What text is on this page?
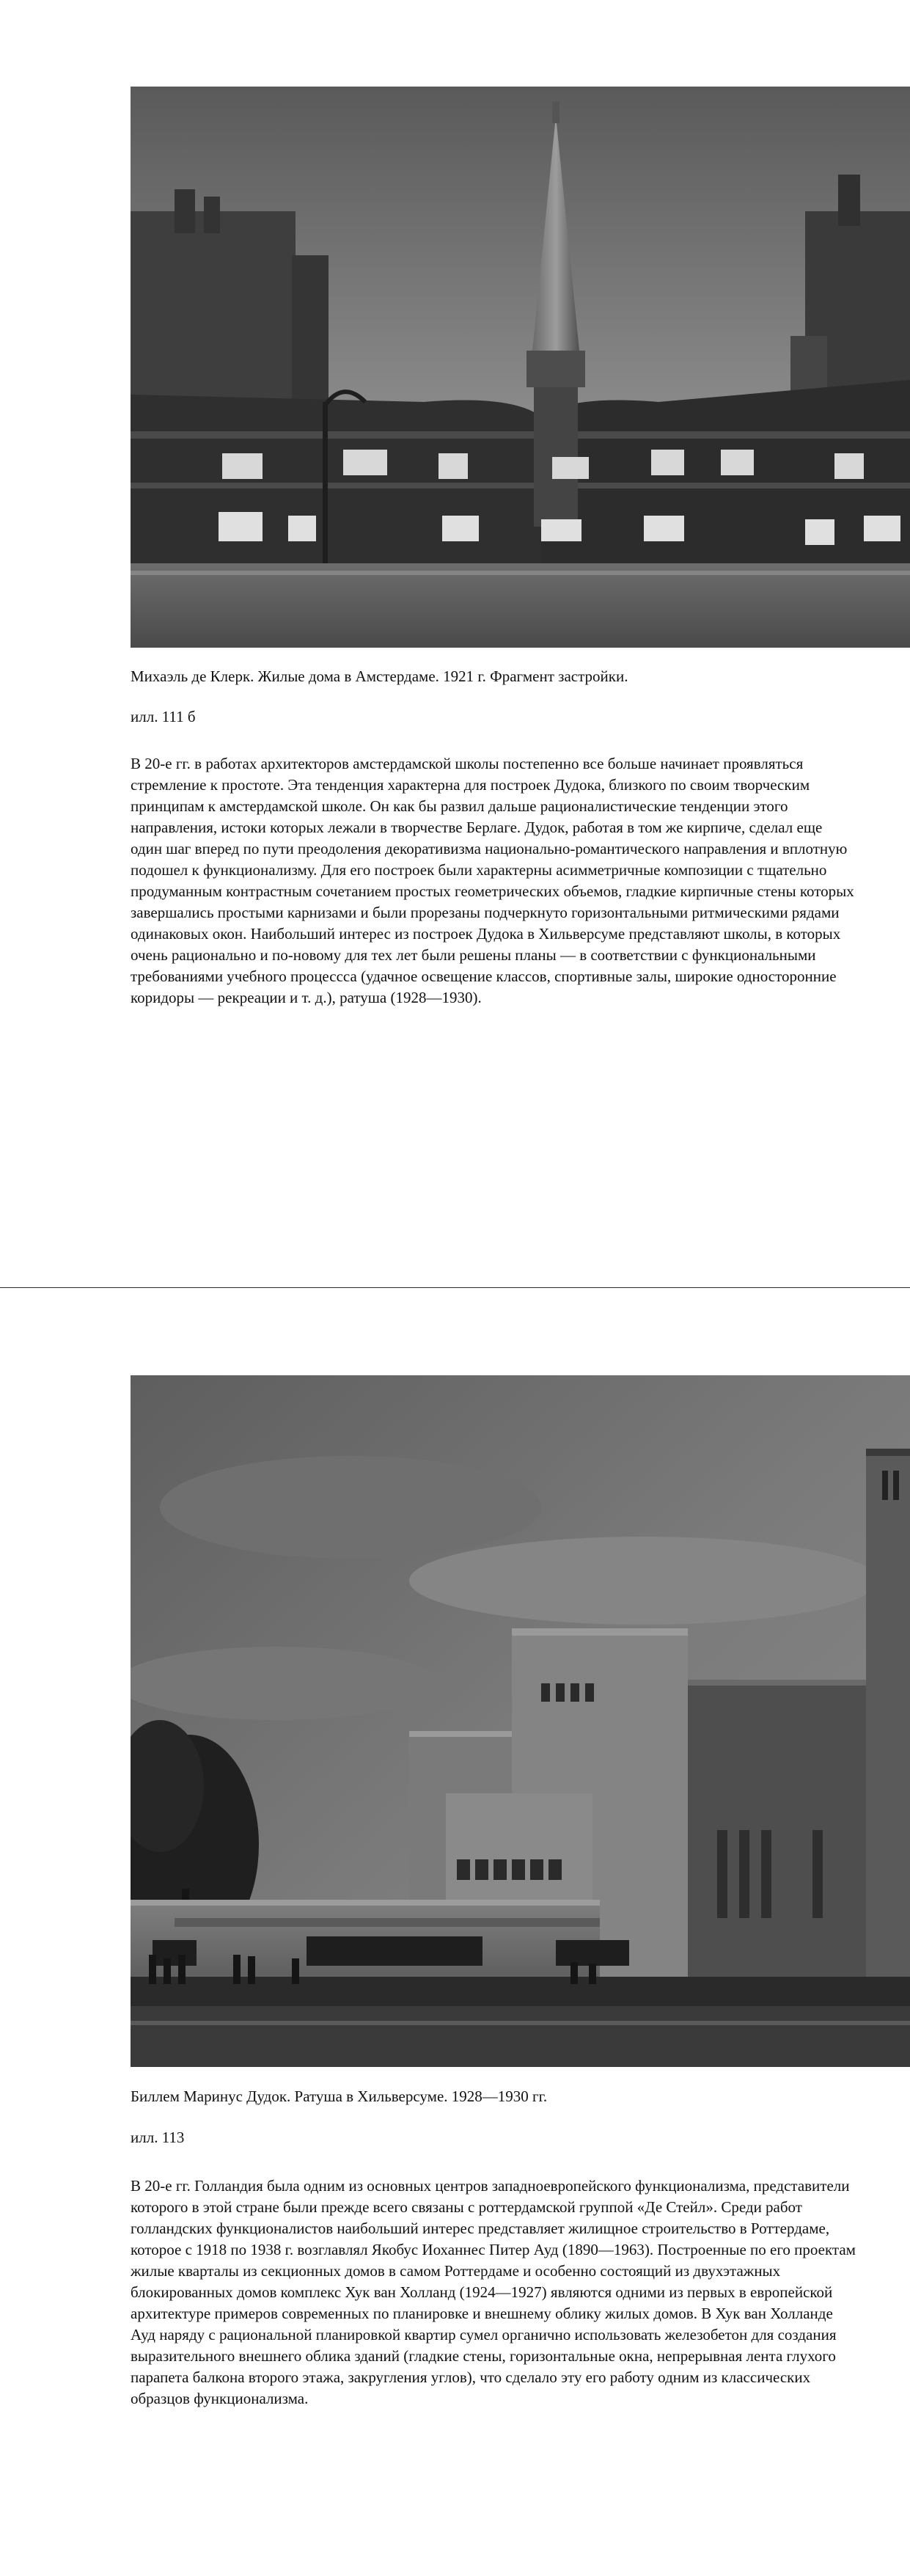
Михаэль де Клерк. Жилые дома в Амстердаме. 1921 г. Фрагмент застройки.

илл. 111 б

В 20-е гг. в работах архитекторов амстердамской школы постепенно все больше начинает проявляться стремление к простоте. Эта тенденция характерна для построек Дудока, близкого по своим творческим принципам к амстердамской школе. Он как бы развил дальше рационалистические тенденции этого направления, истоки которых лежали в творчестве Берлаге. Дудок, работая в том же кирпиче, сделал еще один шаг вперед по пути преодоления декоративизма национально-романтического направления и вплотную подошел к функционализму. Для его построек были характерны асимметричные композиции с тщательно продуманным контрастным сочетанием простых геометрических объемов, гладкие кирпичные стены которых завершались простыми карнизами и были прорезаны подчеркнуто горизонтальными ритмическими рядами одинаковых окон. Наибольший интерес из построек Дудока в Хильверсуме представляют школы, в которых очень рационально и по-новому для тех лет были решены планы — в соответствии с функциональными требованиями учебного процессса (удачное освещение классов, спортивные залы, широкие односторонние коридоры — рекреации и т. д.), ратуша (1928—1930).

Биллем Маринус Дудок. Ратуша в Хильверсуме. 1928—1930 гг.

илл. 113

В 20-е гг. Голландия была одним из основных центров западноевропейского функционализма, представители которого в этой стране были прежде всего связаны с роттердамской группой «Де Стейл». Среди работ голландских функционалистов наибольший интерес представляет жилищное строительство в Роттердаме, которое с 1918 по 1938 г. возглавлял Якобус Иоханнес Питер Ауд (1890—1963). Построенные по его проектам жилые кварталы из секционных домов в самом Роттердаме и особенно состоящий из двухэтажных блокированных домов комплекс Хук ван Холланд (1924—1927) являются одними из первых в европейской архитектуре примеров современных по планировке и внешнему облику жилых домов. В Хук ван Холланде Ауд наряду с рациональной планировкой квартир сумел органично использовать железобетон для создания выразительного внешнего облика зданий (гладкие стены, горизонтальные окна, непрерывная лента глухого парапета балкона второго этажа, закругления углов), что сделало эту его работу одним из классических образцов функционализма.
